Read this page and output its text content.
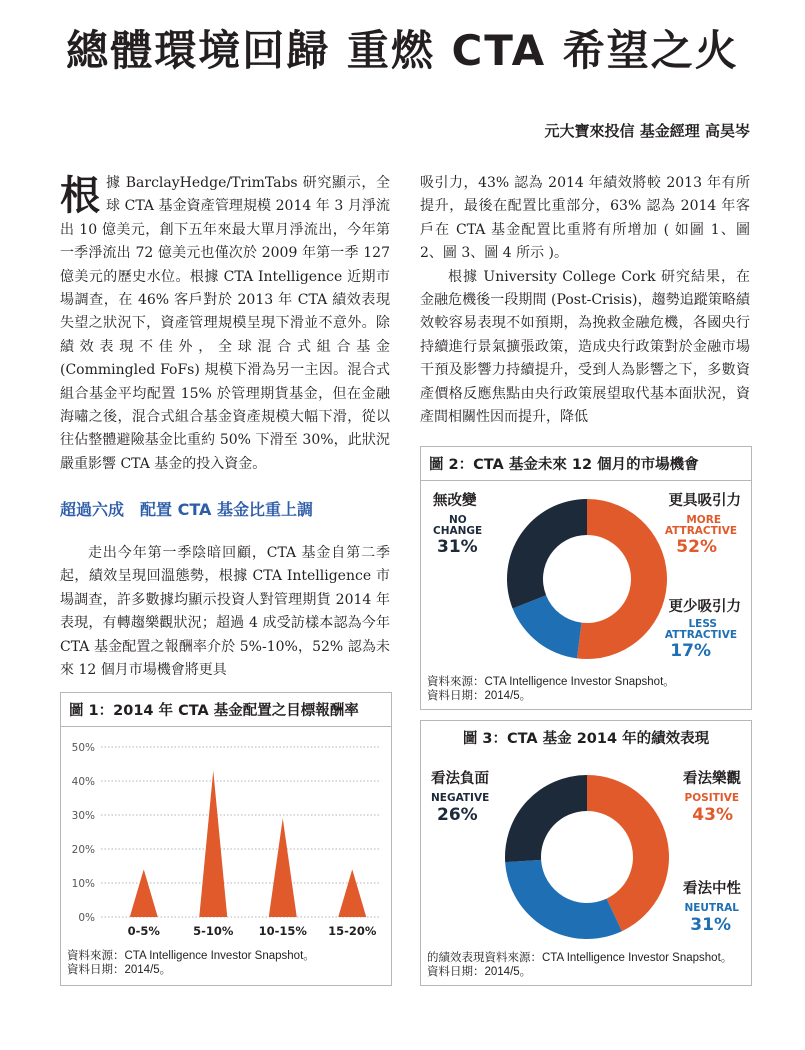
總體環境回歸 重燃 CTA 希望之火
元大寶來投信 基金經理 高昊岑

根 據 BarclayHedge/TrimTabs 研究顯示，全球 CTA 基金資產管理規模 2014 年 3 月淨流出 10 億美元，創下五年來最大單月淨流出，今年第一季淨流出 72 億美元也僅次於 2009 年第一季 127 億美元的歷史水位。根據 CTA Intelligence 近期市場調查，在 46% 客戶對於 2013 年 CTA 績效表現失望之狀況下，資產管理規模呈現下滑並不意外。除績效表現不佳外，全球混合式組合基金 (Commingled FoFs) 規模下滑為另一主因。混合式組合基金平均配置 15% 於管理期貨基金，但在金融海嘯之後，混合式組合基金資產規模大幅下滑，從以往佔整體避險基金比重約 50% 下滑至 30%，此狀況嚴重影響 CTA 基金的投入資金。

超過六成　配置 CTA 基金比重上調

走出今年第一季陰暗回顧，CTA 基金自第二季起，績效呈現回溫態勢，根據 CTA Intelligence 市場調查，許多數據均顯示投資人對管理期貨 2014 年表現，有轉趨樂觀狀況；超過 4 成受訪樣本認為今年 CTA 基金配置之報酬率介於 5%-10%，52% 認為未來 12 個月市場機會將更具

吸引力，43% 認為 2014 年績效將較 2013 年有所提升，最後在配置比重部分，63% 認為 2014 年客戶在 CTA 基金配置比重將有所增加 ( 如圖 1、圖 2、圖 3、圖 4 所示 )。

根據 University College Cork 研究結果，在金融危機後一段期間 (Post-Crisis)，趨勢追蹤策略績效較容易表現不如預期，為挽救金融危機，各國央行持續進行景氣擴張政策，造成央行政策對於金融市場干預及影響力持續提升，受到人為影響之下，多數資產價格反應焦點由央行政策展望取代基本面狀況，資產間相關性因而提升，降低

圖 1：2014 年 CTA 基金配置之目標報酬率
0%
10%
20%
30%
40%
50%
0-5%	5-10% 10-15% 15-20%
資料來源：CTA Intelligence Investor Snapshot。
資料日期：2014/5。
圖 2：CTA 基金未來 12 個月的市場機會
無改變
NO
CHANGE
31%
更具吸引力
MORE
ATTRACTIVE
52%
更少吸引力
LESS
ATTRACTIVE
17%
資料來源：CTA Intelligence Investor Snapshot。
資料日期：2014/5。
圖 3：CTA 基金 2014 年的績效表現
看法負面
NEGATIVE
26%
看法樂觀
POSITIVE
43%
看法中性
NEUTRAL
31%
的績效表現資料來源：CTA Intelligence Investor Snapshot。
資料日期：2014/5。
